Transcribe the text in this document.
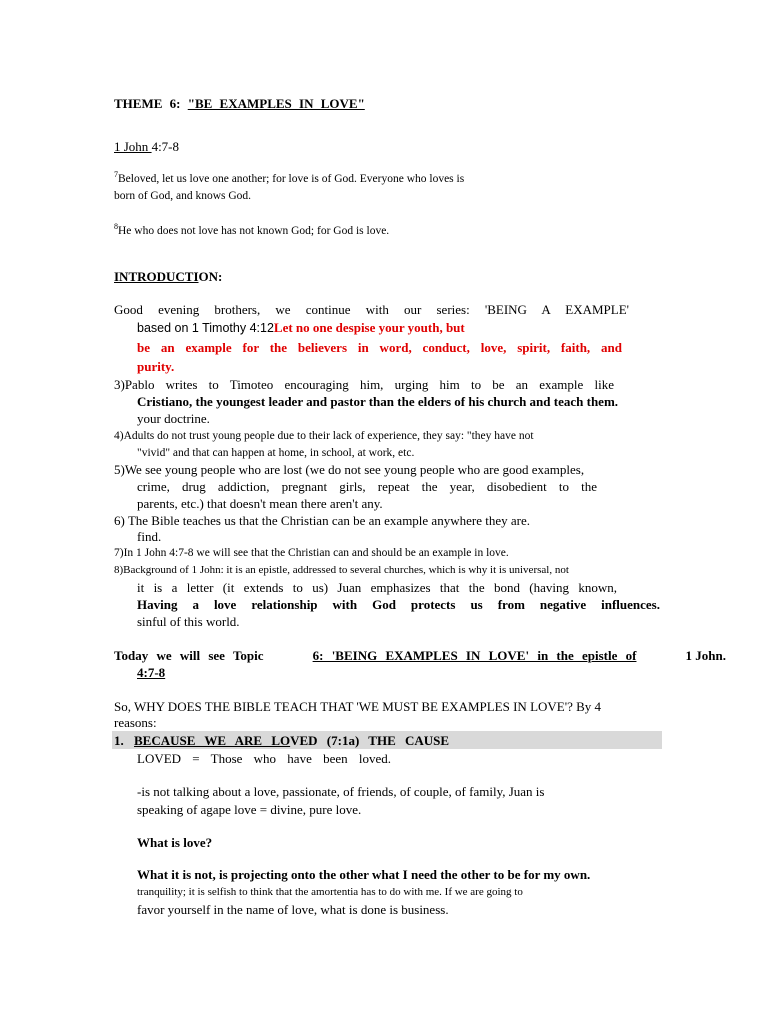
THEME 6: "BE EXAMPLES IN LOVE"
1 John 4:7-8
$^7$Beloved, let us love one another; for love is of God. Everyone who loves is
born of God, and knows God.
$^8$He who does not love has not known God; for God is love.
INTRODUCTION:
Good evening brothers, we continue with our series: 'BEING A EXAMPLE'
based on 1 Timothy 4:12Let no one despise your youth, but
be an example for the believers in word, conduct, love, spirit, faith, and
purity.
3)Pablo writes to Timoteo encouraging him, urging him to be an example like
Cristiano, the youngest leader and pastor than the elders of his church and teach them.
your doctrine.
4)Adults do not trust young people due to their lack of experience, they say: "they have not
"vivid" and that can happen at home, in school, at work, etc.
5)We see young people who are lost (we do not see young people who are good examples,
crime, drug addiction, pregnant girls, repeat the year, disobedient to the
parents, etc.) that doesn't mean there aren't any.
6) The Bible teaches us that the Christian can be an example anywhere they are.
find.
7)In 1 John 4:7-8 we will see that the Christian can and should be an example in love.
8)Background of 1 John: it is an epistle, addressed to several churches, which is why it is universal, not
it is a letter (it extends to us) Juan emphasizes that the bond (having known,
Having a love relationship with God protects us from negative influences.
sinful of this world.
Today we will see Topic	6: 'BEING EXAMPLES IN LOVE' in the epistle of	1 John.
4:7-8
So, WHY DOES THE BIBLE TEACH THAT 'WE MUST BE EXAMPLES IN LOVE'? By 4
reasons:
1. BECAUSE WE ARE LOVED (7:1a) THE CAUSE
LOVED = Those who have been loved.
-is not talking about a love, passionate, of friends, of couple, of family, Juan is
speaking of agape love = divine, pure love.
What is love?
What it is not, is projecting onto the other what I need the other to be for my own.
tranquility; it is selfish to think that the amortentia has to do with me. If we are going to
favor yourself in the name of love, what is done is business.
